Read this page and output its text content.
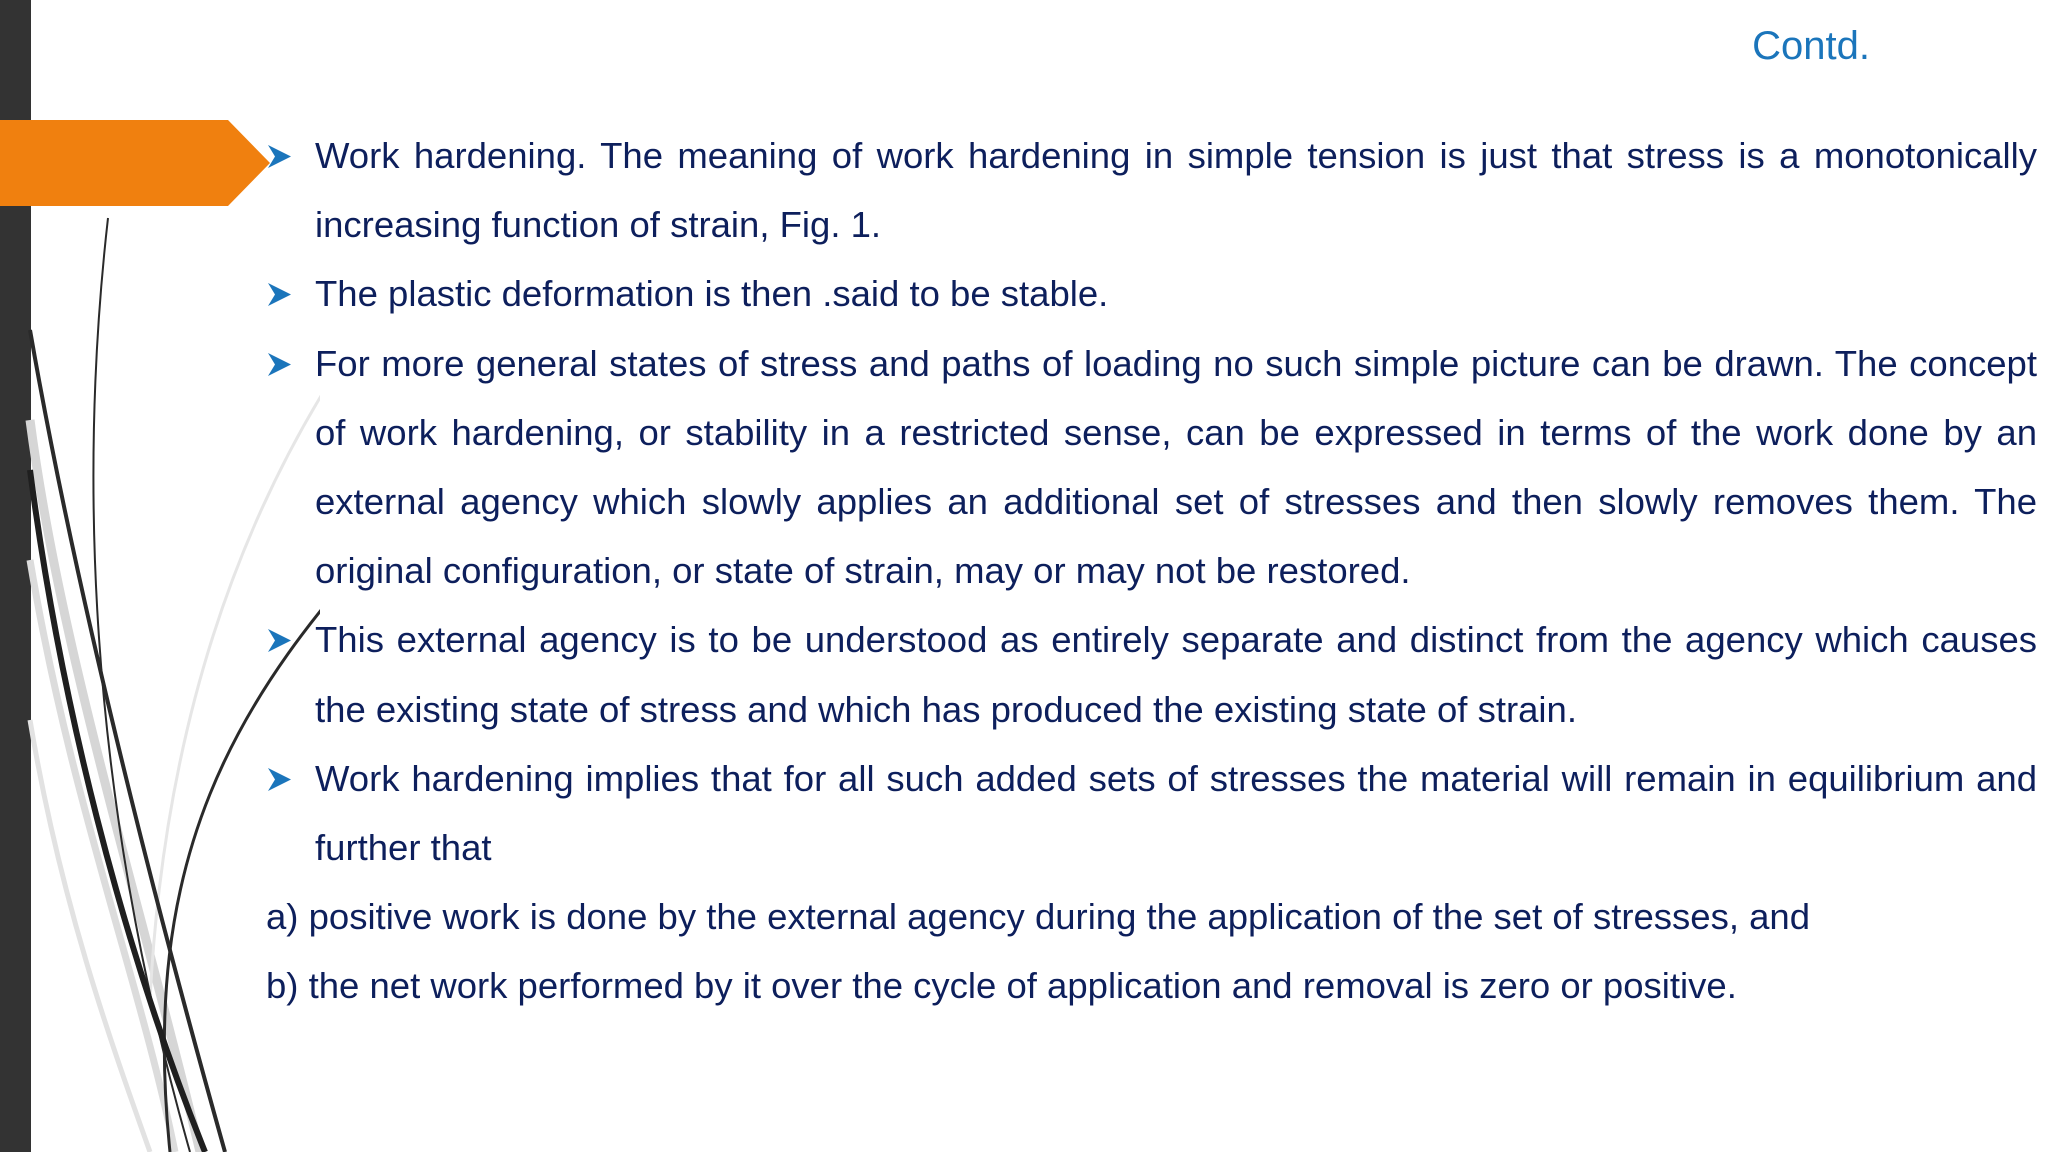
Contd.
Work hardening. The meaning of work hardening in simple tension is just that stress is a monotonically increasing function of strain, Fig. 1.
The plastic deformation is then .said to be stable.
For more general states of stress and paths of loading no such simple picture can be drawn. The concept of work hardening, or stability in a restricted sense, can be expressed in terms of the work done by an external agency which slowly applies an additional set of stresses and then slowly removes them. The original configuration, or state of strain, may or may not be restored.
This external agency is to be understood as entirely separate and distinct from the agency which causes the existing state of stress and which has produced the existing state of strain.
Work hardening implies that for all such added sets of stresses the material will remain in equilibrium and further that
a) positive work is done by the external agency during the application of the set of stresses, and
b) the net work performed by it over the cycle of application and removal is zero or positive.
